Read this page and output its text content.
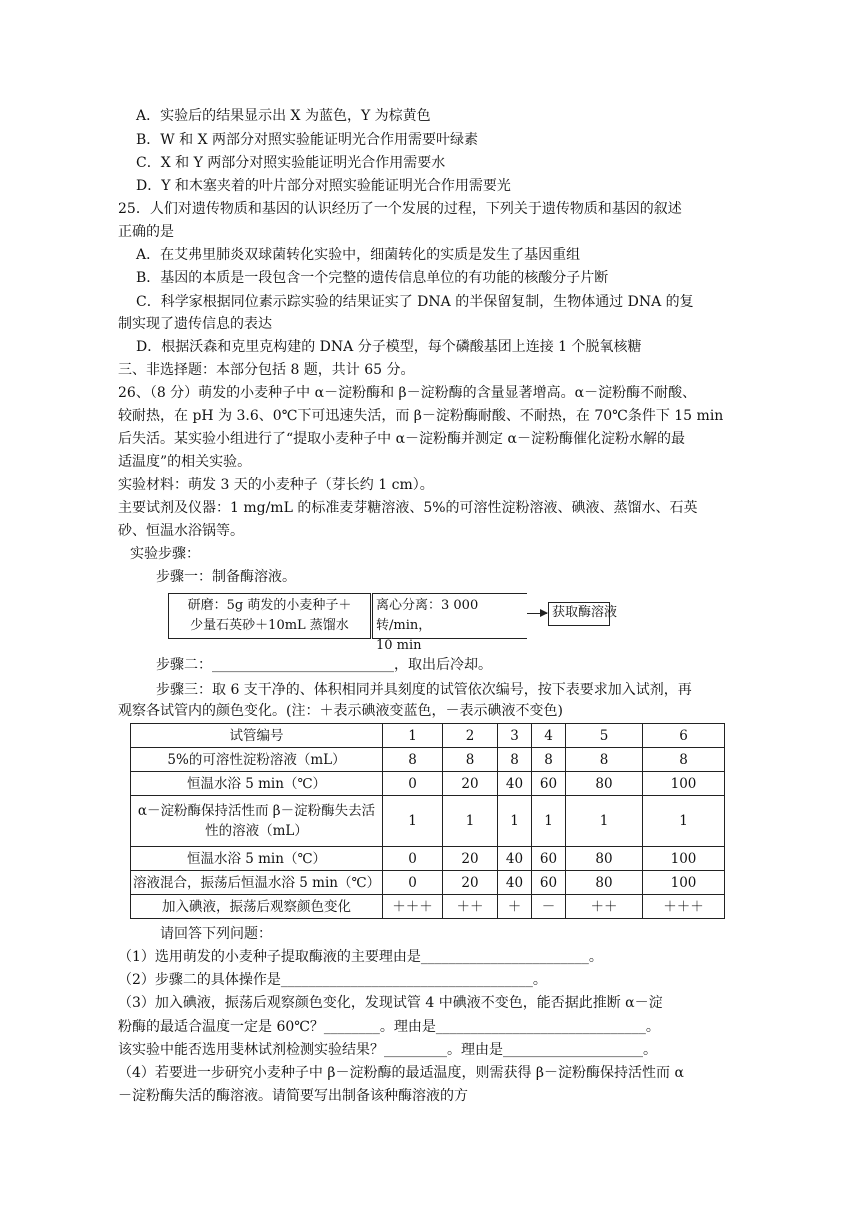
A．实验后的结果显示出 X 为蓝色，Y 为棕黄色
B．W 和 X 两部分对照实验能证明光合作用需要叶绿素
C．X 和 Y 两部分对照实验能证明光合作用需要水
D．Y 和木塞夹着的叶片部分对照实验能证明光合作用需要光
25．人们对遗传物质和基因的认识经历了一个发展的过程，下列关于遗传物质和基因的叙述
正确的是
A．在艾弗里肺炎双球菌转化实验中，细菌转化的实质是发生了基因重组
B．基因的本质是一段包含一个完整的遗传信息单位的有功能的核酸分子片断
C．科学家根据同位素示踪实验的结果证实了 DNA 的半保留复制，生物体通过 DNA 的复
制实现了遗传信息的表达
D．根据沃森和克里克构建的 DNA 分子模型，每个磷酸基团上连接 1 个脱氧核糖
三、非选择题：本部分包括 8 题，共计 65 分。
26、（8 分）萌发的小麦种子中 α－淀粉酶和 β－淀粉酶的含量显著增高。α－淀粉酶不耐酸、
较耐热，在 pH 为 3.6、0℃下可迅速失活，而 β－淀粉酶耐酸、不耐热，在 70℃条件下 15 min
后失活。某实验小组进行了“提取小麦种子中 α－淀粉酶并测定 α－淀粉酶催化淀粉水解的最
适温度”的相关实验。
实验材料：萌发 3 天的小麦种子（芽长约 1 cm）。
主要试剂及仪器：1 mg/mL 的标准麦芽糖溶液、5%的可溶性淀粉溶液、碘液、蒸馏水、石英
砂、恒温水浴锅等。
实验步骤：
步骤一：制备酶溶液。
研磨：5g 萌发的小麦种子＋
少量石英砂＋10mL 蒸馏水
离心分离：3 000 转/min，
10 min
获取酶溶液
步骤二：__________________________，取出后冷却。
步骤三：取 6 支干净的、体积相同并具刻度的试管依次编号，按下表要求加入试剂，再
观察各试管内的颜色变化。(注：＋表示碘液变蓝色，－表示碘液不变色)
试管编号	1	2	3	4	5	6
5%的可溶性淀粉溶液（mL）	8	8	8	8	8	8
恒温水浴 5 min（℃）	0	20	40	60	80	100

α－淀粉酶保持活性而 β－淀粉酶失去活
性的溶液（mL）	1	1	1	1	1	1
恒温水浴 5 min（℃）	0	20	40	60	80	100
溶液混合，振荡后恒温水浴 5 min（℃）	0	20	40	60	80	100
加入碘液，振荡后观察颜色变化	＋＋＋	＋＋	＋	－	＋＋	＋＋＋
请回答下列问题：
（1）选用萌发的小麦种子提取酶液的主要理由是________________________。
（2）步骤二的具体操作是____________________________________。
（3）加入碘液，振荡后观察颜色变化，发现试管 4 中碘液不变色，能否据此推断 α－淀
粉酶的最适合温度一定是 60℃？________。理由是______________________________。
该实验中能否选用斐林试剂检测实验结果？_________。理由是____________________。
（4）若要进一步研究小麦种子中 β－淀粉酶的最适温度，则需获得 β－淀粉酶保持活性而 α
－淀粉酶失活的酶溶液。请简要写出制备该种酶溶液的方
